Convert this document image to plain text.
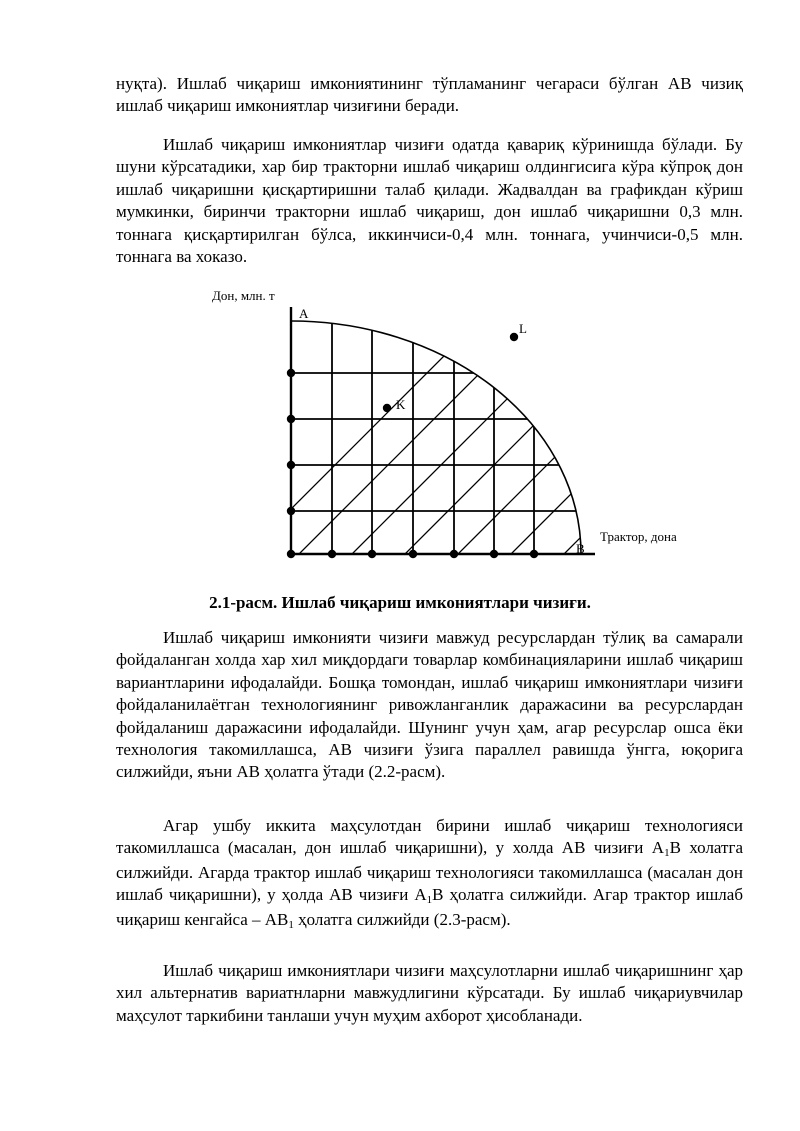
нуқта). Ишлаб чиқариш имкониятининг тўпламанинг чегараси бўлган АВ чизиқ ишлаб чиқариш имкониятлар чизиғини беради.

Ишлаб чиқариш имкониятлар чизиғи одатда қавариқ кўринишда бўлади. Бу шуни кўрсатадики, хар бир тракторни ишлаб чиқариш олдингисига кўра кўпроқ дон ишлаб чиқаришни қисқартиришни талаб қилади. Жадвалдан ва графикдан кўриш мумкинки, биринчи тракторни ишлаб чиқариш, дон ишлаб чиқаришни 0,3 млн. тоннага қисқартирилган бўлса, иккинчиси-0,4 млн. тоннага, учинчиси-0,5 млн. тоннага ва хоказо.

Дон, млн. т
Трактор, дона
A
B
K
L
2.1-расм. Ишлаб чиқариш имкониятлари чизиғи.

Ишлаб чиқариш имконияти чизиғи мавжуд ресурслардан тўлиқ ва самарали фойдаланган холда хар хил миқдордаги товарлар комбинацияларини ишлаб чиқариш вариантларини ифодалайди. Бошқа томондан, ишлаб чиқариш имкониятлари чизиғи фойдаланилаётган технологиянинг ривожланганлик даражасини ва ресурслардан фойдаланиш даражасини ифодалайди. Шунинг учун ҳам, агар ресурслар ошса ёки технология такомиллашса, АВ чизиғи ўзига параллел равишда ўнгга, юқорига силжийди, яъни АВ ҳолатга ўтади (2.2-расм).

Агар ушбу иккита маҳсулотдан бирини ишлаб чиқариш технологияси такомиллашса (масалан, дон ишлаб чиқаришни), у холда АВ чизиғи $А_1В$ холатга силжийди. Агарда трактор ишлаб чиқариш технологияси такомиллашса (масалан дон ишлаб чиқаришни), у ҳолда АВ чизиғи $А_1В$ ҳолатга силжийди. Агар трактор ишлаб чиқариш кенгайса – $АВ_1$ ҳолатга силжийди (2.3-расм).

Ишлаб чиқариш имкониятлари чизиғи маҳсулотларни ишлаб чиқаришнинг ҳар хил альтернатив вариатнларни мавжудлигини кўрсатади. Бу ишлаб чиқариувчилар маҳсулот таркибини танлаши учун муҳим ахборот ҳисобланади.
